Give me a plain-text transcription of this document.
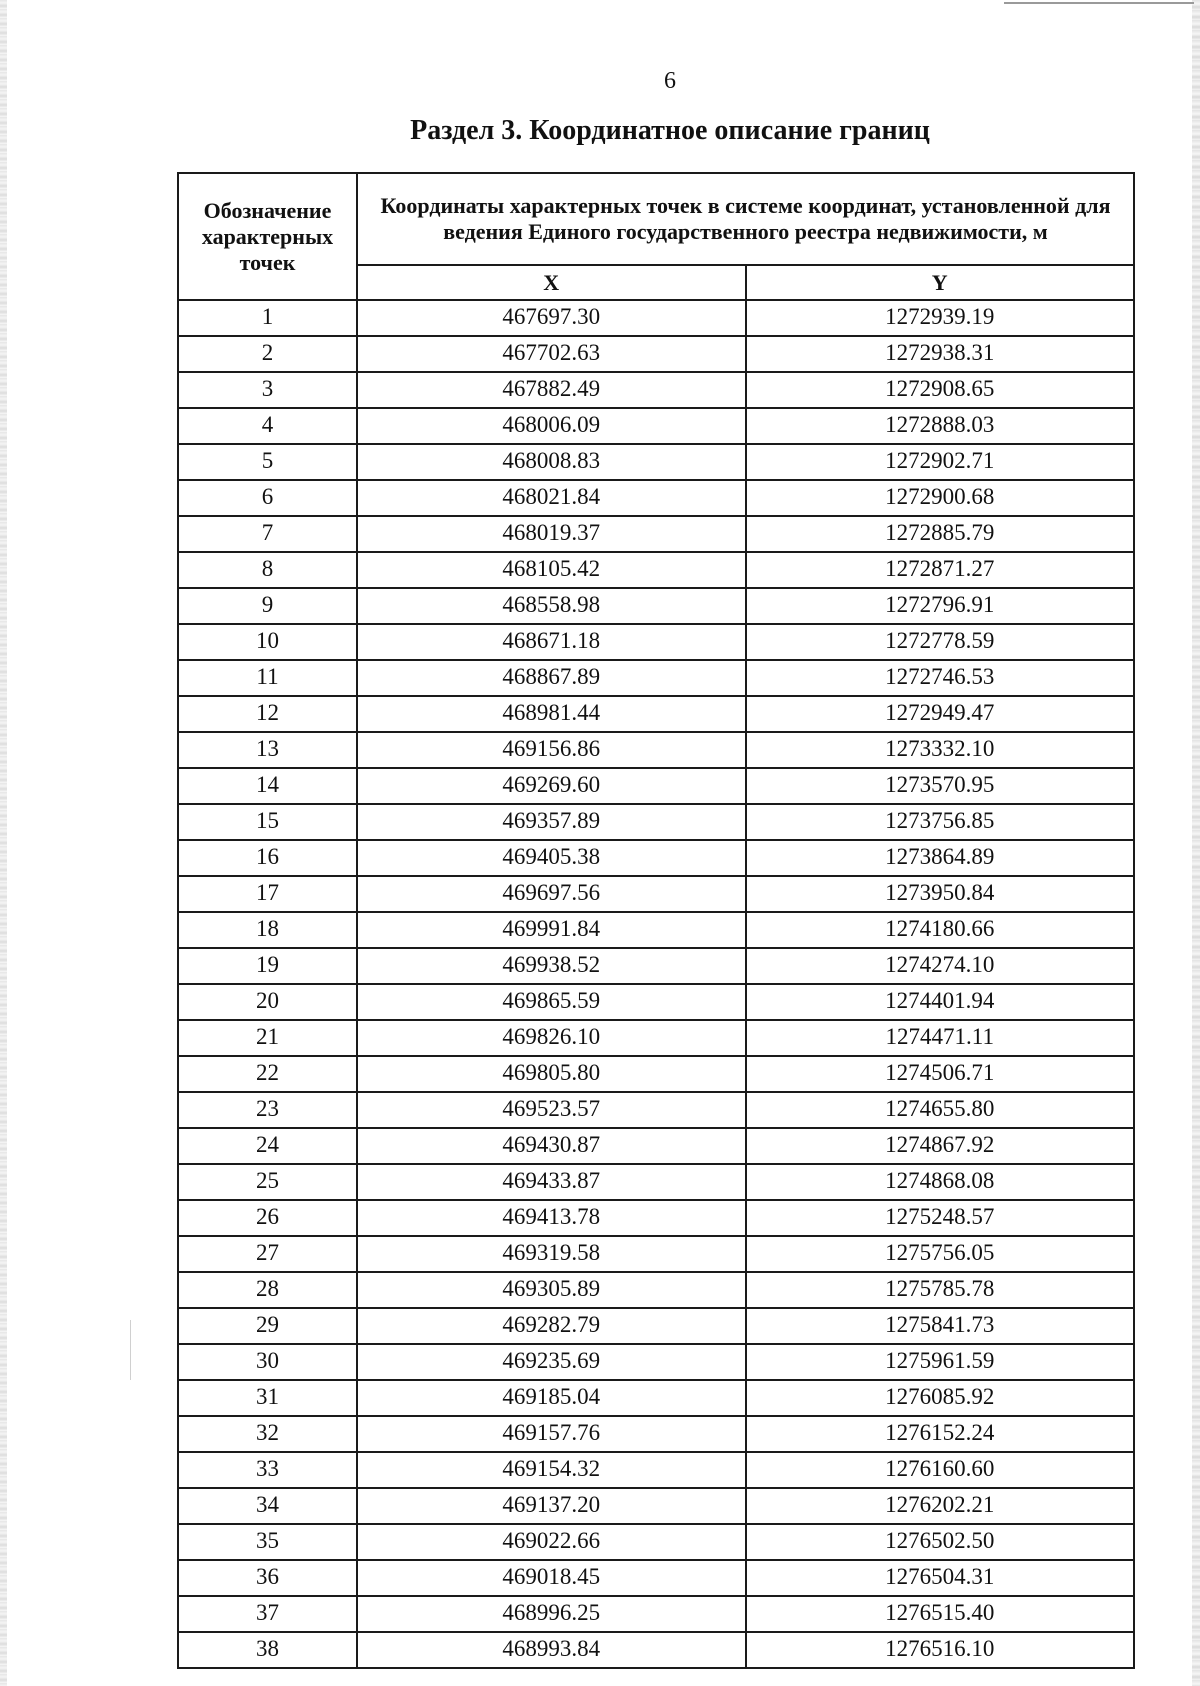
6
Раздел 3. Координатное описание границ
Обозначение характерных точек	Координаты характерных точек в системе координат, установленной для ведения Единого государственного реестра недвижимости, м	
	X	Y
1	467697.30	1272939.19
2	467702.63	1272938.31
3	467882.49	1272908.65
4	468006.09	1272888.03
5	468008.83	1272902.71
6	468021.84	1272900.68
7	468019.37	1272885.79
8	468105.42	1272871.27
9	468558.98	1272796.91
10	468671.18	1272778.59
11	468867.89	1272746.53
12	468981.44	1272949.47
13	469156.86	1273332.10
14	469269.60	1273570.95
15	469357.89	1273756.85
16	469405.38	1273864.89
17	469697.56	1273950.84
18	469991.84	1274180.66
19	469938.52	1274274.10
20	469865.59	1274401.94
21	469826.10	1274471.11
22	469805.80	1274506.71
23	469523.57	1274655.80
24	469430.87	1274867.92
25	469433.87	1274868.08
26	469413.78	1275248.57
27	469319.58	1275756.05
28	469305.89	1275785.78
29	469282.79	1275841.73
30	469235.69	1275961.59
31	469185.04	1276085.92
32	469157.76	1276152.24
33	469154.32	1276160.60
34	469137.20	1276202.21
35	469022.66	1276502.50
36	469018.45	1276504.31
37	468996.25	1276515.40
38	468993.84	1276516.10
